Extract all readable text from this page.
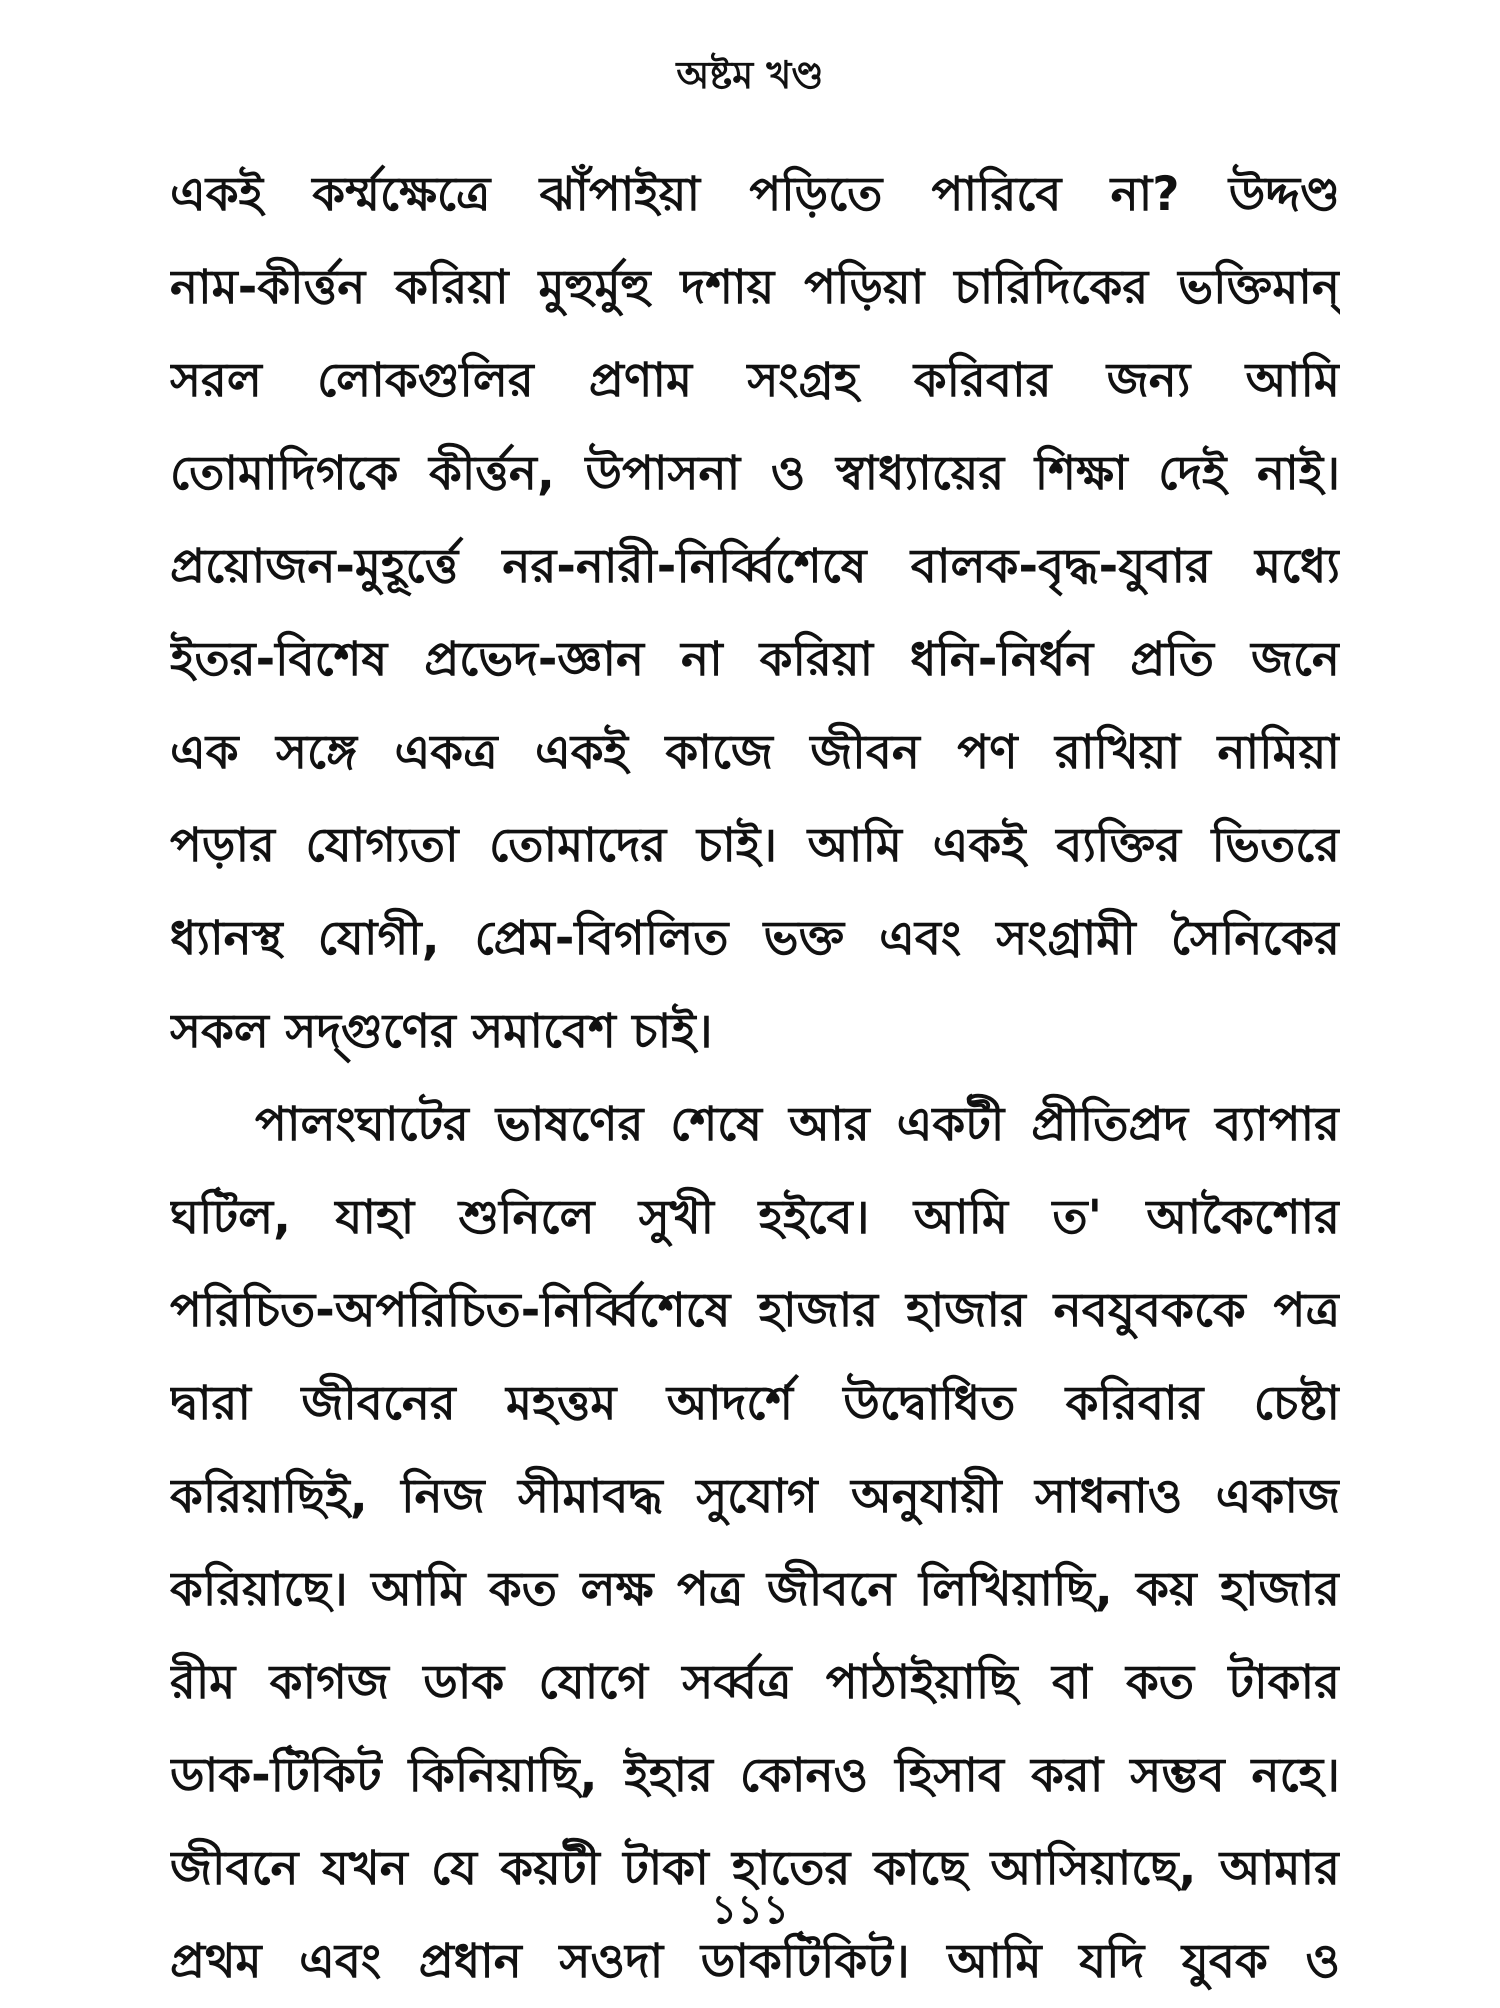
অষ্টম খণ্ড
একই কর্ম্মক্ষেত্রে ঝাঁপাইয়া পড়িতে পারিবে না? উদ্দণ্ড
নাম-কীর্ত্তন করিয়া মুহুর্মুহু দশায় পড়িয়া চারিদিকের ভক্তিমান্‌
সরল লোকগুলির প্রণাম সংগ্রহ করিবার জন্য আমি
তোমাদিগকে কীর্ত্তন, উপাসনা ও স্বাধ্যায়ের শিক্ষা দেই নাই।
প্রয়োজন-মুহূর্ত্তে নর-নারী-নির্ব্বিশেষে বালক-বৃদ্ধ-যুবার মধ্যে
ইতর-বিশেষ প্রভেদ-জ্ঞান না করিয়া ধনি-নির্ধন প্রতি জনে
এক সঙ্গে একত্র একই কাজে জীবন পণ রাখিয়া নামিয়া
পড়ার যোগ্যতা তোমাদের চাই। আমি একই ব্যক্তির ভিতরে
ধ্যানস্থ যোগী, প্রেম-বিগলিত ভক্ত এবং সংগ্রামী সৈনিকের
সকল সদ্‌গুণের সমাবেশ চাই।
পালংঘাটের ভাষণের শেষে আর একটী প্রীতিপ্রদ ব্যাপার
ঘটিল, যাহা শুনিলে সুখী হইবে। আমি ত' আকৈশোর
পরিচিত-অপরিচিত-নির্ব্বিশেষে হাজার হাজার নবযুবককে পত্র
দ্বারা জীবনের মহত্তম আদর্শে উদ্বোধিত করিবার চেষ্টা
করিয়াছিই, নিজ সীমাবদ্ধ সুযোগ অনুযায়ী সাধনাও একাজ
করিয়াছে। আমি কত লক্ষ পত্র জীবনে লিখিয়াছি, কয় হাজার
রীম কাগজ ডাক যোগে সর্ব্বত্র পাঠাইয়াছি বা কত টাকার
ডাক-টিকিট কিনিয়াছি, ইহার কোনও হিসাব করা সম্ভব নহে।
জীবনে যখন যে কয়টী টাকা হাতের কাছে আসিয়াছে, আমার
প্রথম এবং প্রধান সওদা ডাকটিকিট। আমি যদি যুবক ও
১১১
